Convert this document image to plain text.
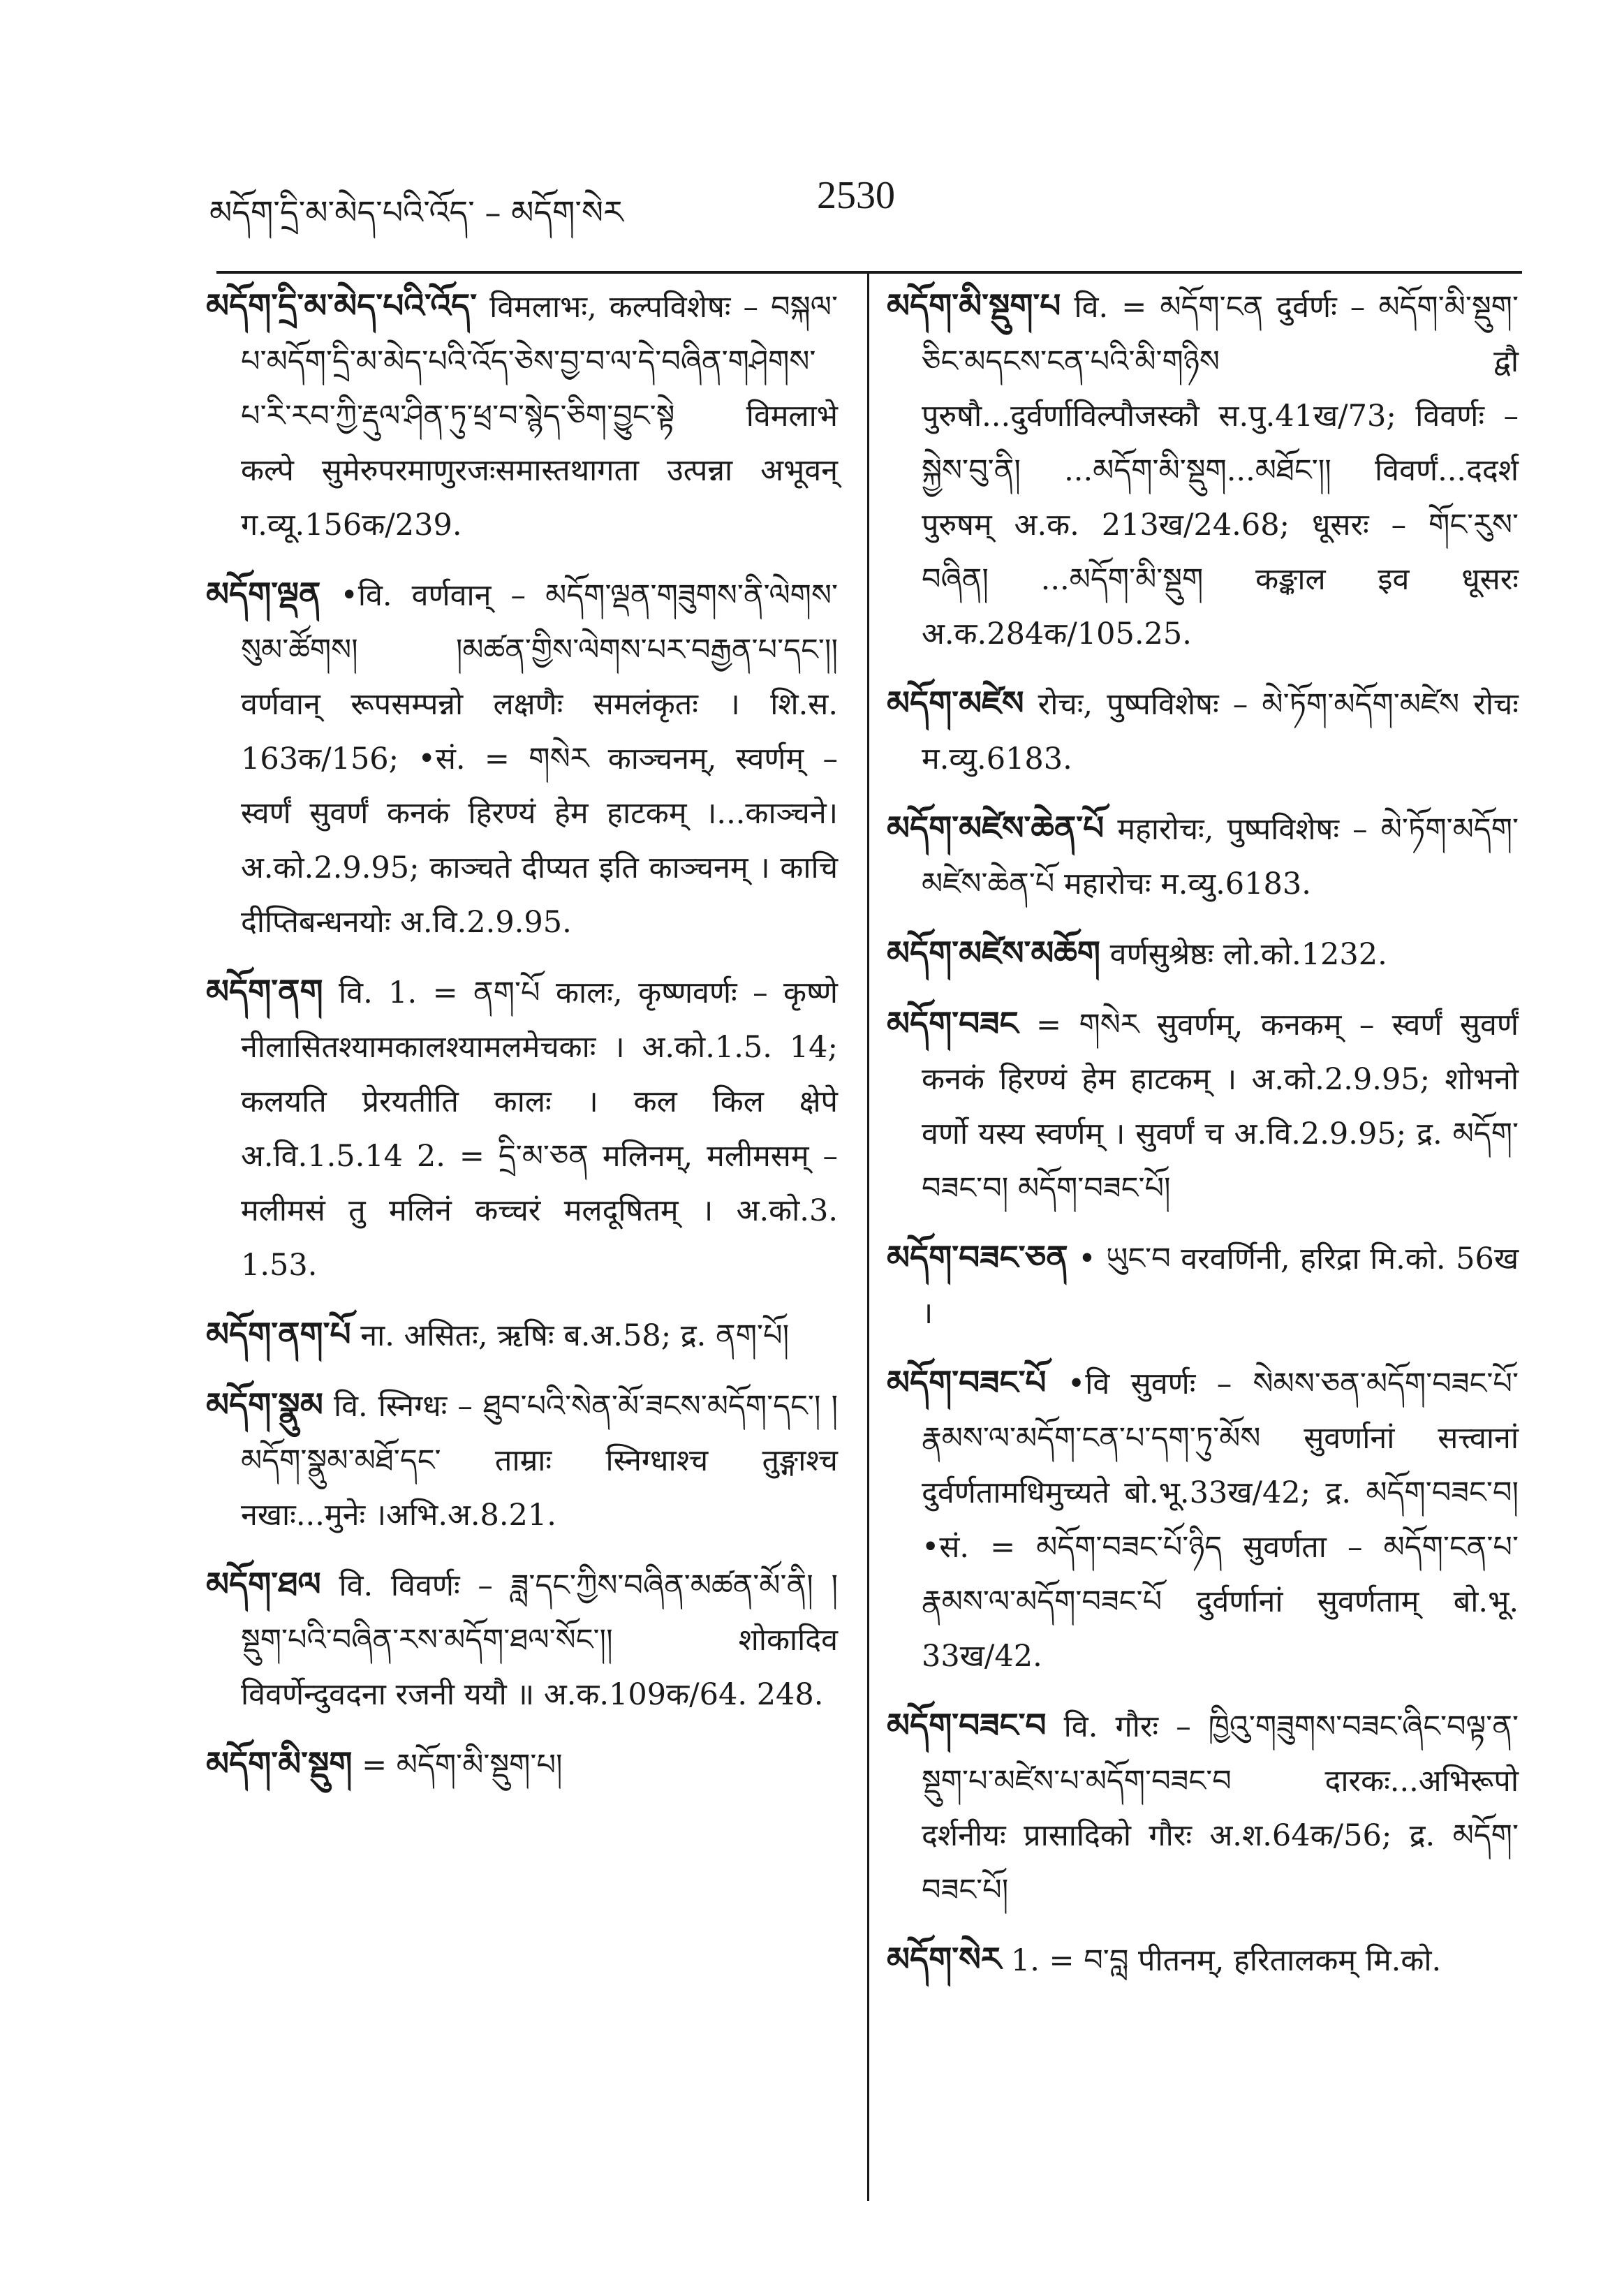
མདོག་དྲི་མ་མེད་པའི་འོད་ – མདོག་སེར	2530
མདོག་དྲི་མ་མེད་པའི་འོད་ विमलाभः, कल्पविशेषः – བསྐལ་པ་མདོག་དྲི་མ་མེད་པའི་འོད་ཅེས་བྱ་བ་ལ་དེ་བཞིན་གཤེགས་པ་རི་རབ་ཀྱི་རྡུལ་ཤིན་ཏུ་ཕྲ་བ་སྙེད་ཅིག་བྱུང་སྟེ विमलाभे कल्पे सुमेरुपरमाणुरजःसमास्तथागता उत्पन्ना अभूवन् ग.व्यू.156क/239.
མདོག་ལྡན •वि. वर्णवान् – མདོག་ལྡན་གཟུགས་ནི་ལེགས་སུམ་ཚོགས། །མཚན་གྱིས་ལེགས་པར་བརྒྱན་པ་དང་།། वर्णवान् रूपसम्पन्नो लक्षणैः समलंकृतः । शि.स. 163क/156; •सं. = གསེར काञ्चनम्, स्वर्णम् – स्वर्णं सुवर्णं कनकं हिरण्यं हेम हाटकम् ।...काञ्चने। अ.को.2.9.95; काञ्चते दीप्यत इति काञ्चनम् । काचि दीप्तिबन्धनयोः अ.वि.2.9.95.
མདོག་ནག वि. 1. = ནག་པོ कालः, कृष्णवर्णः – कृष्णे नीलासितश्यामकालश्यामलमेचकाः । अ.को.1.5. 14; कलयति प्रेरयतीति कालः । कल किल क्षेपे अ.वि.1.5.14 2. = དྲི་མ་ཅན मलिनम्, मलीमसम् – मलीमसं तु मलिनं कच्चरं मलदूषितम् । अ.को.3. 1.53.
མདོག་ནག་པོ ना. असितः, ऋषिः ब.अ.58; द्र. ནག་པོ།
མདོག་སྣུམ वि. स्निग्धः – ཐུབ་པའི་སེན་མོ་ཟངས་མདོག་དང་། །མདོག་སྣུམ་མཐོ་དང་ ताम्राः स्निग्धाश्च तुङ्गाश्च नखाः...मुनेः ।अभि.अ.8.21.
མདོག་ཐལ वि. विवर्णः – ཟླ་དང་ཀྱིས་བཞིན་མཚན་མོ་ནི། །སྡུག་པའི་བཞིན་རས་མདོག་ཐལ་སོང་།། शोकादिव विवर्णेन्दुवदना रजनी ययौ ॥ अ.क.109क/64. 248.
མདོག་མི་སྡུག = མདོག་མི་སྡུག་པ།
མདོག་མི་སྡུག་པ वि. = མདོག་ངན दुर्वर्णः – མདོག་མི་སྡུག་ཅིང་མདངས་ངན་པའི་མི་གཉིས द्वौ पुरुषौ...दुर्वर्णाविल्पौजस्कौ स.पु.41ख/73; विवर्णः – སྐྱེས་བུ་ནི། ...མདོག་མི་སྡུག...མཐོང་།། विवर्णं...ददर्श पुरुषम् अ.क. 213ख/24.68; धूसरः – གོང་རུས་བཞིན། ...མདོག་མི་སྡུག कङ्काल इव धूसरः अ.क.284क/105.25.
མདོག་མཛེས रोचः, पुष्पविशेषः – མེ་ཏོག་མདོག་མཛེས रोचः म.व्यु.6183.
མདོག་མཛེས་ཆེན་པོ महारोचः, पुष्पविशेषः – མེ་ཏོག་མདོག་མཛེས་ཆེན་པོ महारोचः म.व्यु.6183.
མདོག་མཛེས་མཆོག वर्णसुश्रेष्ठः लो.को.1232.
མདོག་བཟང = གསེར सुवर्णम्, कनकम् – स्वर्णं सुवर्णं कनकं हिरण्यं हेम हाटकम् । अ.को.2.9.95; शोभनो वर्णो यस्य स्वर्णम् । सुवर्णं च अ.वि.2.9.95; द्र. མདོག་བཟང་བ། མདོག་བཟང་པོ།
མདོག་བཟང་ཅན • ཡུང་བ वरवर्णिनी, हरिद्रा मि.को. 56ख ।
མདོག་བཟང་པོ •वि सुवर्णः – སེམས་ཅན་མདོག་བཟང་པོ་རྣམས་ལ་མདོག་ངན་པ་དག་ཏུ་མོས सुवर्णानां सत्त्वानां दुर्वर्णतामधिमुच्यते बो.भू.33ख/42; द्र. མདོག་བཟང་བ། •सं. = མདོག་བཟང་པོ་ཉིད सुवर्णता – མདོག་ངན་པ་རྣམས་ལ་མདོག་བཟང་པོ दुर्वर्णानां सुवर्णताम् बो.भू. 33ख/42.
མདོག་བཟང་བ वि. गौरः – ཁྱིའུ་གཟུགས་བཟང་ཞིང་བལྟ་ན་སྡུག་པ་མཛེས་པ་མདོག་བཟང་བ दारकः...अभिरूपो दर्शनीयः प्रासादिको गौरः अ.श.64क/56; द्र. མདོག་བཟང་པོ།
མདོག་སེར 1. = བ་བླ पीतनम्, हरितालकम् मि.को.
